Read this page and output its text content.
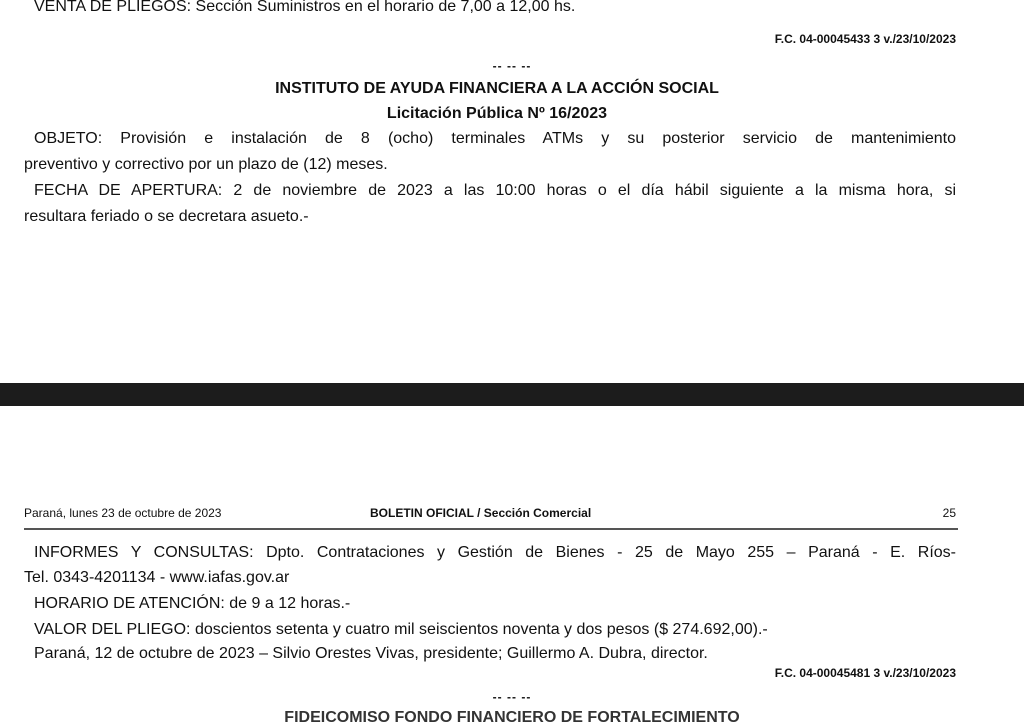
VENTA DE PLIEGOS: Sección Suministros en el horario de 7,00 a 12,00 hs.
F.C. 04-00045433 3 v./23/10/2023
-- -- --
INSTITUTO DE AYUDA FINANCIERA A LA ACCIÓN SOCIAL
Licitación Pública Nº 16/2023
OBJETO: Provisión e instalación de 8 (ocho) terminales ATMs y su posterior servicio de mantenimiento
preventivo y correctivo por un plazo de (12) meses.
FECHA DE APERTURA: 2 de noviembre de 2023 a las 10:00 horas o el día hábil siguiente a la misma hora, si
resultara feriado o se decretara asueto.-
Paraná, lunes 23 de octubre de 2023	BOLETIN OFICIAL / Sección Comercial	25
INFORMES Y CONSULTAS: Dpto. Contrataciones y Gestión de Bienes - 25 de Mayo 255 – Paraná - E. Ríos-
Tel. 0343-4201134 - www.iafas.gov.ar
HORARIO DE ATENCIÓN: de 9 a 12 horas.-
VALOR DEL PLIEGO: doscientos setenta y cuatro mil seiscientos noventa y dos pesos ($ 274.692,00).-
Paraná, 12 de octubre de 2023 – Silvio Orestes Vivas, presidente; Guillermo A. Dubra, director.
F.C. 04-00045481 3 v./23/10/2023
-- -- --
FIDEICOMISO FONDO FINANCIERO DE FORTALECIMIENTO
